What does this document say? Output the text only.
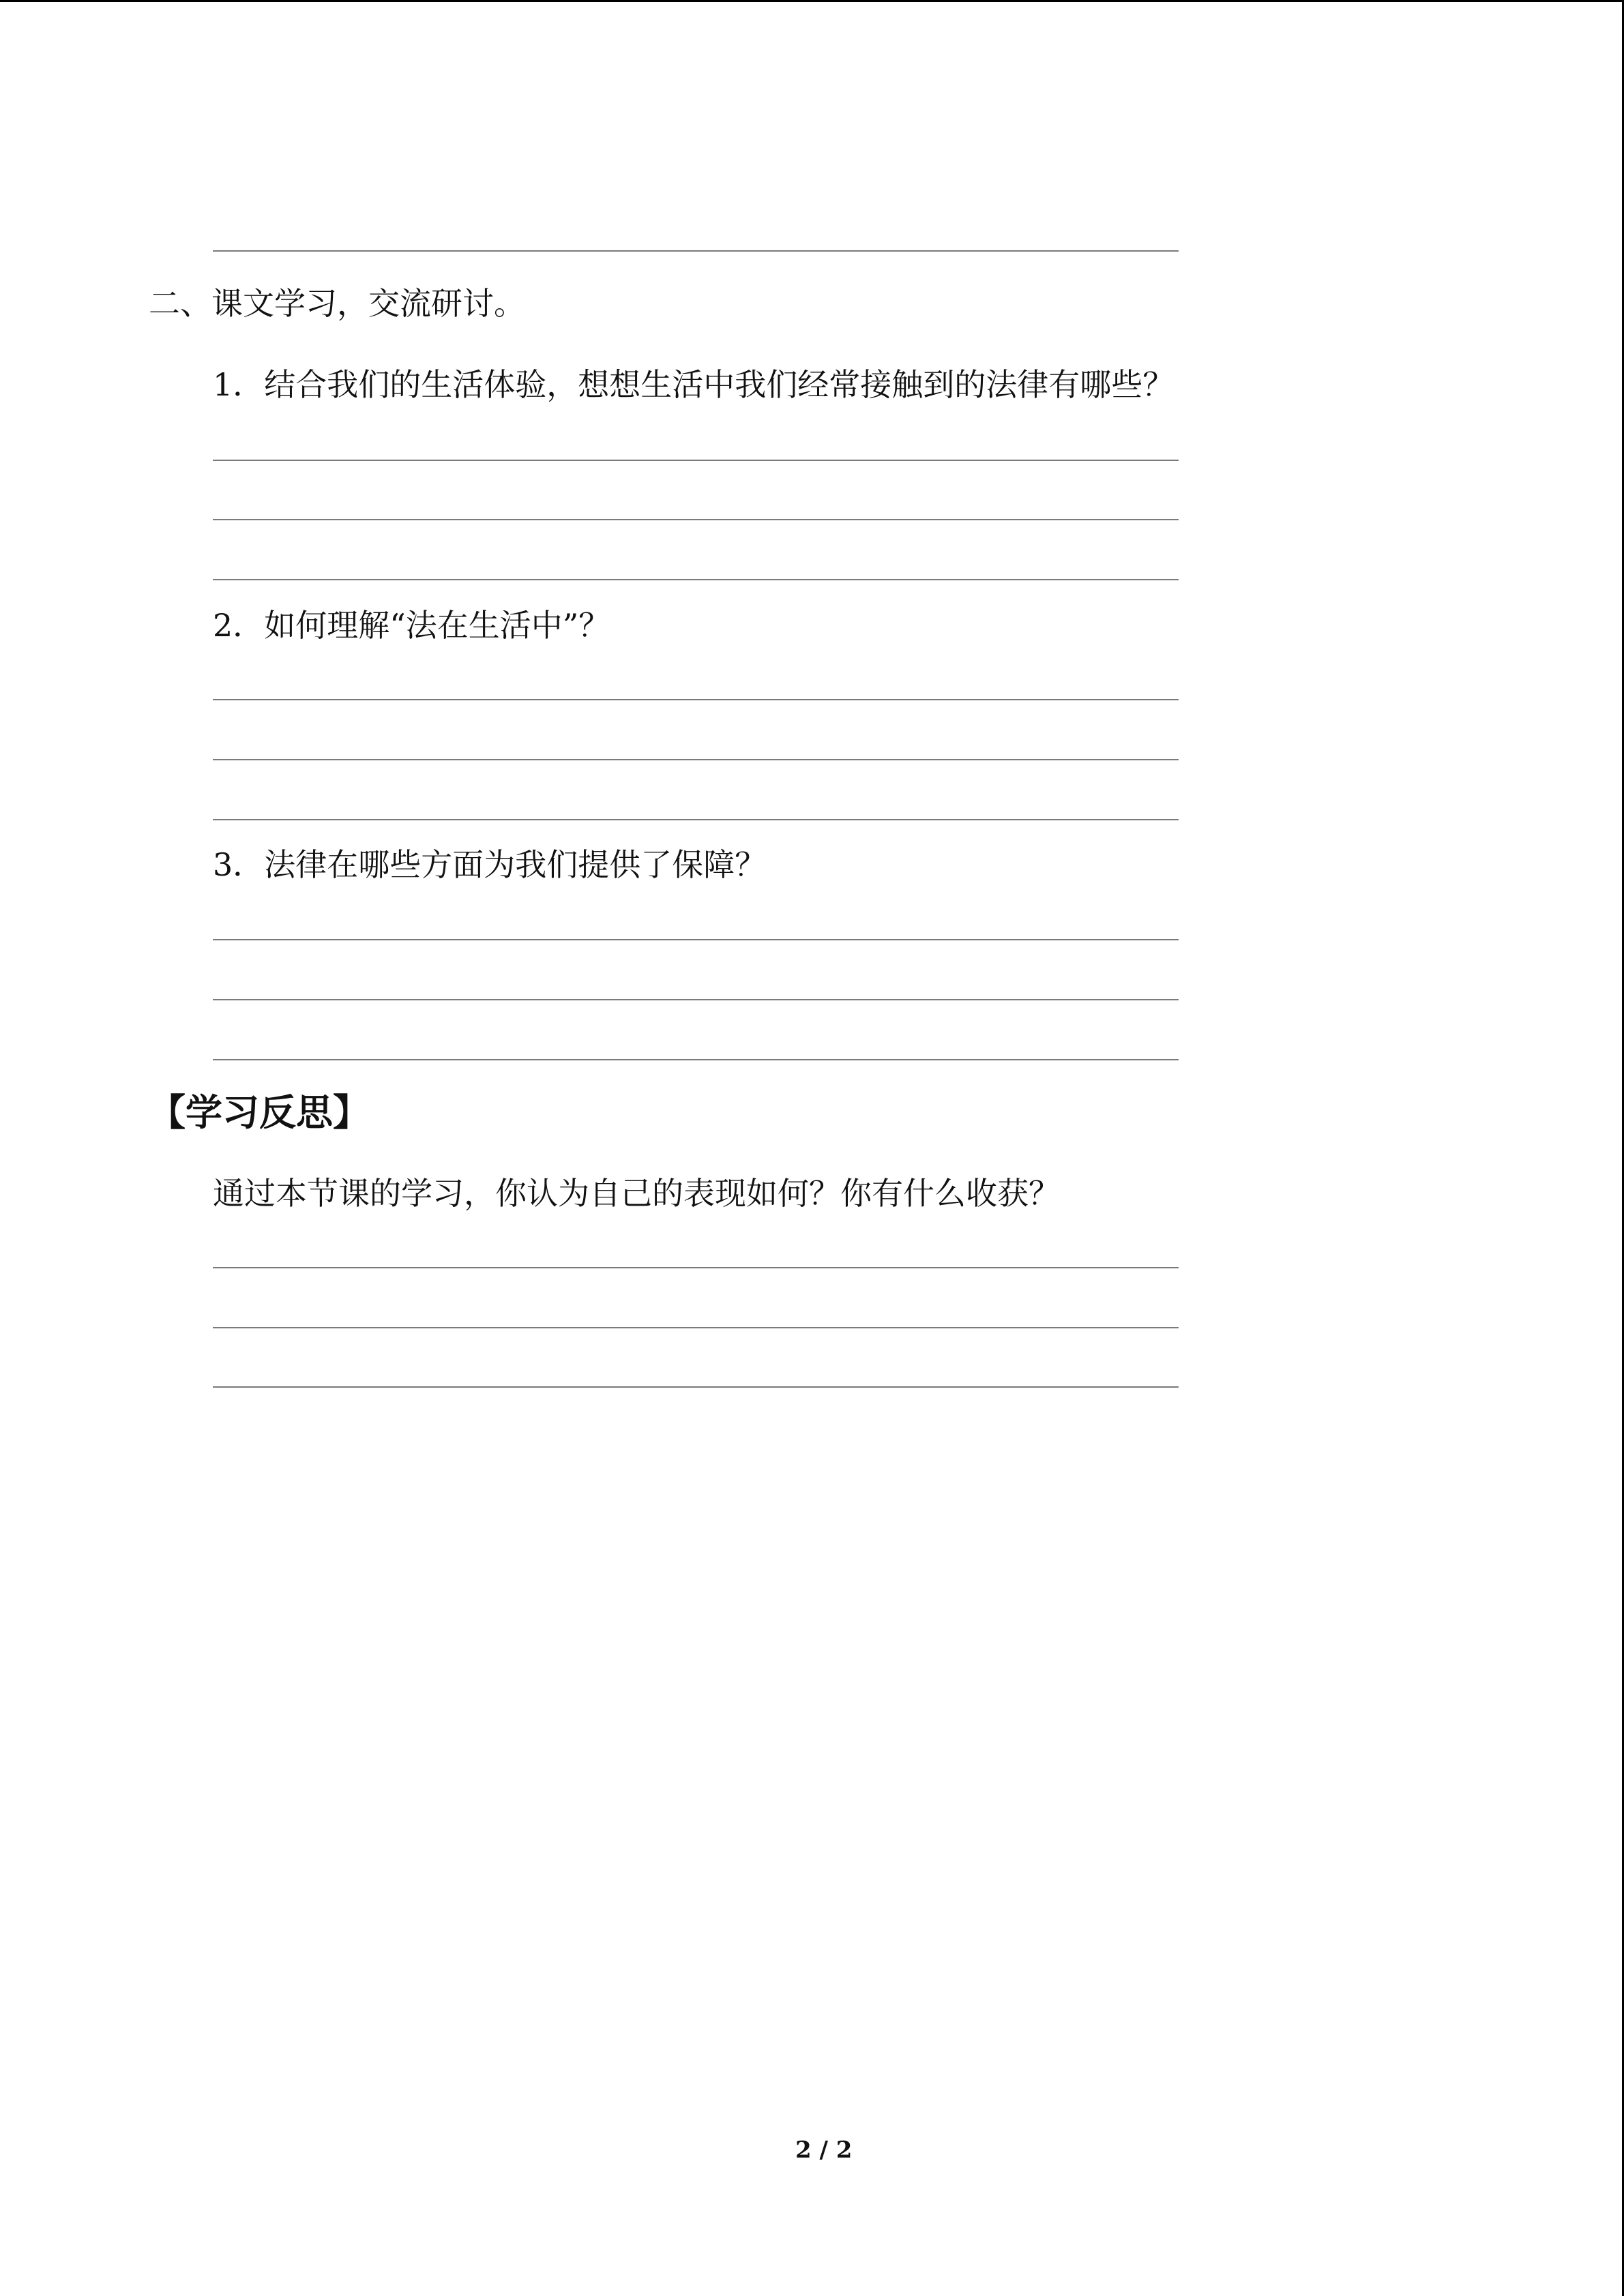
二、课文学习，交流研讨。
1．结合我们的生活体验，想想生活中我们经常接触到的法律有哪些？
2．如何理解“法在生活中”？
3．法律在哪些方面为我们提供了保障？
【学习反思】
通过本节课的学习，你认为自己的表现如何？你有什么收获？
2 / 2
